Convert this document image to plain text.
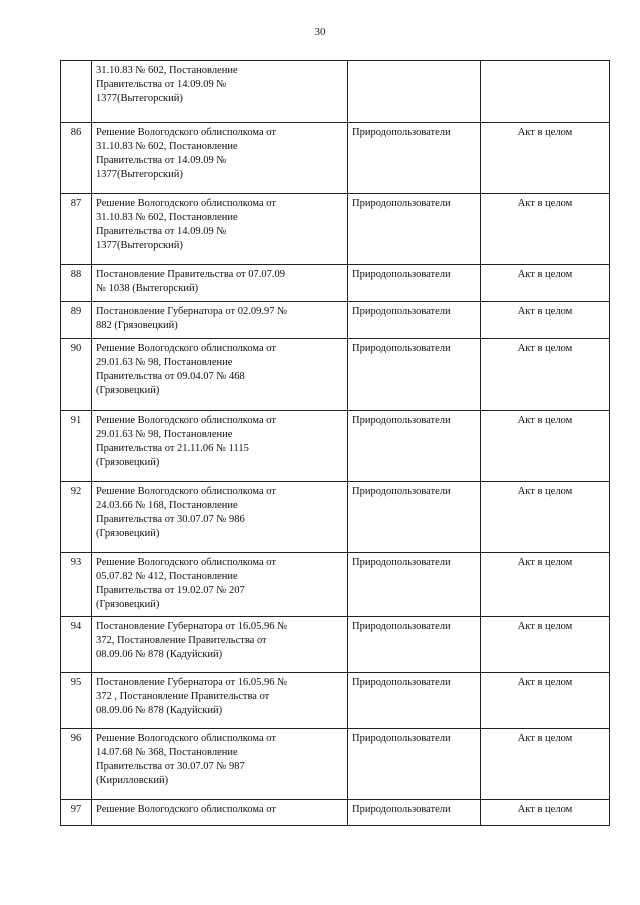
30
	31.10.83 № 602, Постановление
Правительства от 14.09.09 №
1377(Вытегорский)		
86	Решение Вологодского облисполкома от
31.10.83 № 602, Постановление
Правительства от 14.09.09 №
1377(Вытегорский)	Природопользователи	Акт в целом
87	Решение Вологодского облисполкома от
31.10.83 № 602, Постановление
Правительства от 14.09.09 №
1377(Вытегорский)	Природопользователи	Акт в целом
88	Постановление Правительства от 07.07.09
№ 1038 (Вытегорский)	Природопользователи	Акт в целом
89	Постановление Губернатора от 02.09.97 №
882 (Грязовецкий)	Природопользователи	Акт в целом
90	Решение Вологодского облисполкома от
29.01.63 № 98, Постановление
Правительства от 09.04.07 № 468
(Грязовецкий)	Природопользователи	Акт в целом
91	Решение Вологодского облисполкома от
29.01.63 № 98, Постановление
Правительства от 21.11.06 № 1115
(Грязовецкий)	Природопользователи	Акт в целом
92	Решение Вологодского облисполкома от
24.03.66 № 168, Постановление
Правительства от 30.07.07 № 986
(Грязовецкий)	Природопользователи	Акт в целом
93	Решение Вологодского облисполкома от
05.07.82 № 412, Постановление
Правительства от 19.02.07 № 207
(Грязовецкий)	Природопользователи	Акт в целом
94	Постановление Губернатора от 16.05.96 №
372, Постановление Правительства от
08.09.06 № 878 (Кадуйский)	Природопользователи	Акт в целом
95	Постановление Губернатора от 16.05.96 №
372 , Постановление Правительства от
08.09.06 № 878 (Кадуйский)	Природопользователи	Акт в целом
96	Решение Вологодского облисполкома от
14.07.68 № 368, Постановление
Правительства от 30.07.07 № 987
(Кирилловский)	Природопользователи	Акт в целом
97	Решение Вологодского облисполкома от	Природопользователи	Акт в целом
